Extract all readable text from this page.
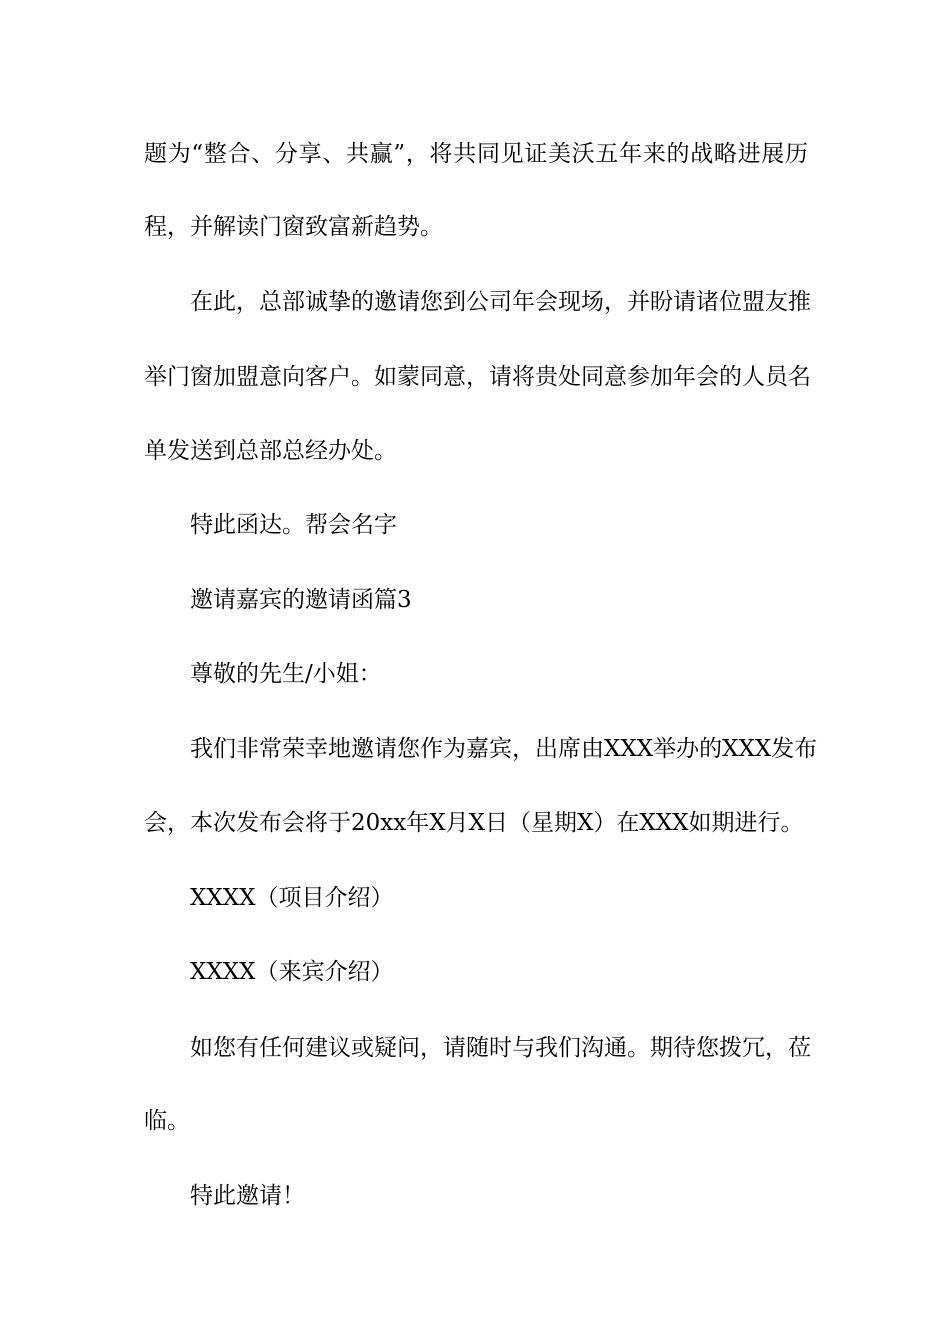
题为“整合、分享、共赢”，将共同见证美沃五年来的战略进展历

程，并解读门窗致富新趋势。

在此，总部诚挚的邀请您到公司年会现场，并盼请诸位盟友推

举门窗加盟意向客户。如蒙同意，请将贵处同意参加年会的人员名

单发送到总部总经办处。

特此函达。帮会名字

邀请嘉宾的邀请函篇3

尊敬的先生/小姐：

我们非常荣幸地邀请您作为嘉宾，出席由XXX举办的XXX发布

会，本次发布会将于20xx年X月X日（星期X）在XXX如期进行。

XXXX（项目介绍）

XXXX（来宾介绍）

如您有任何建议或疑问，请随时与我们沟通。期待您拨冗，莅

临。

特此邀请！
